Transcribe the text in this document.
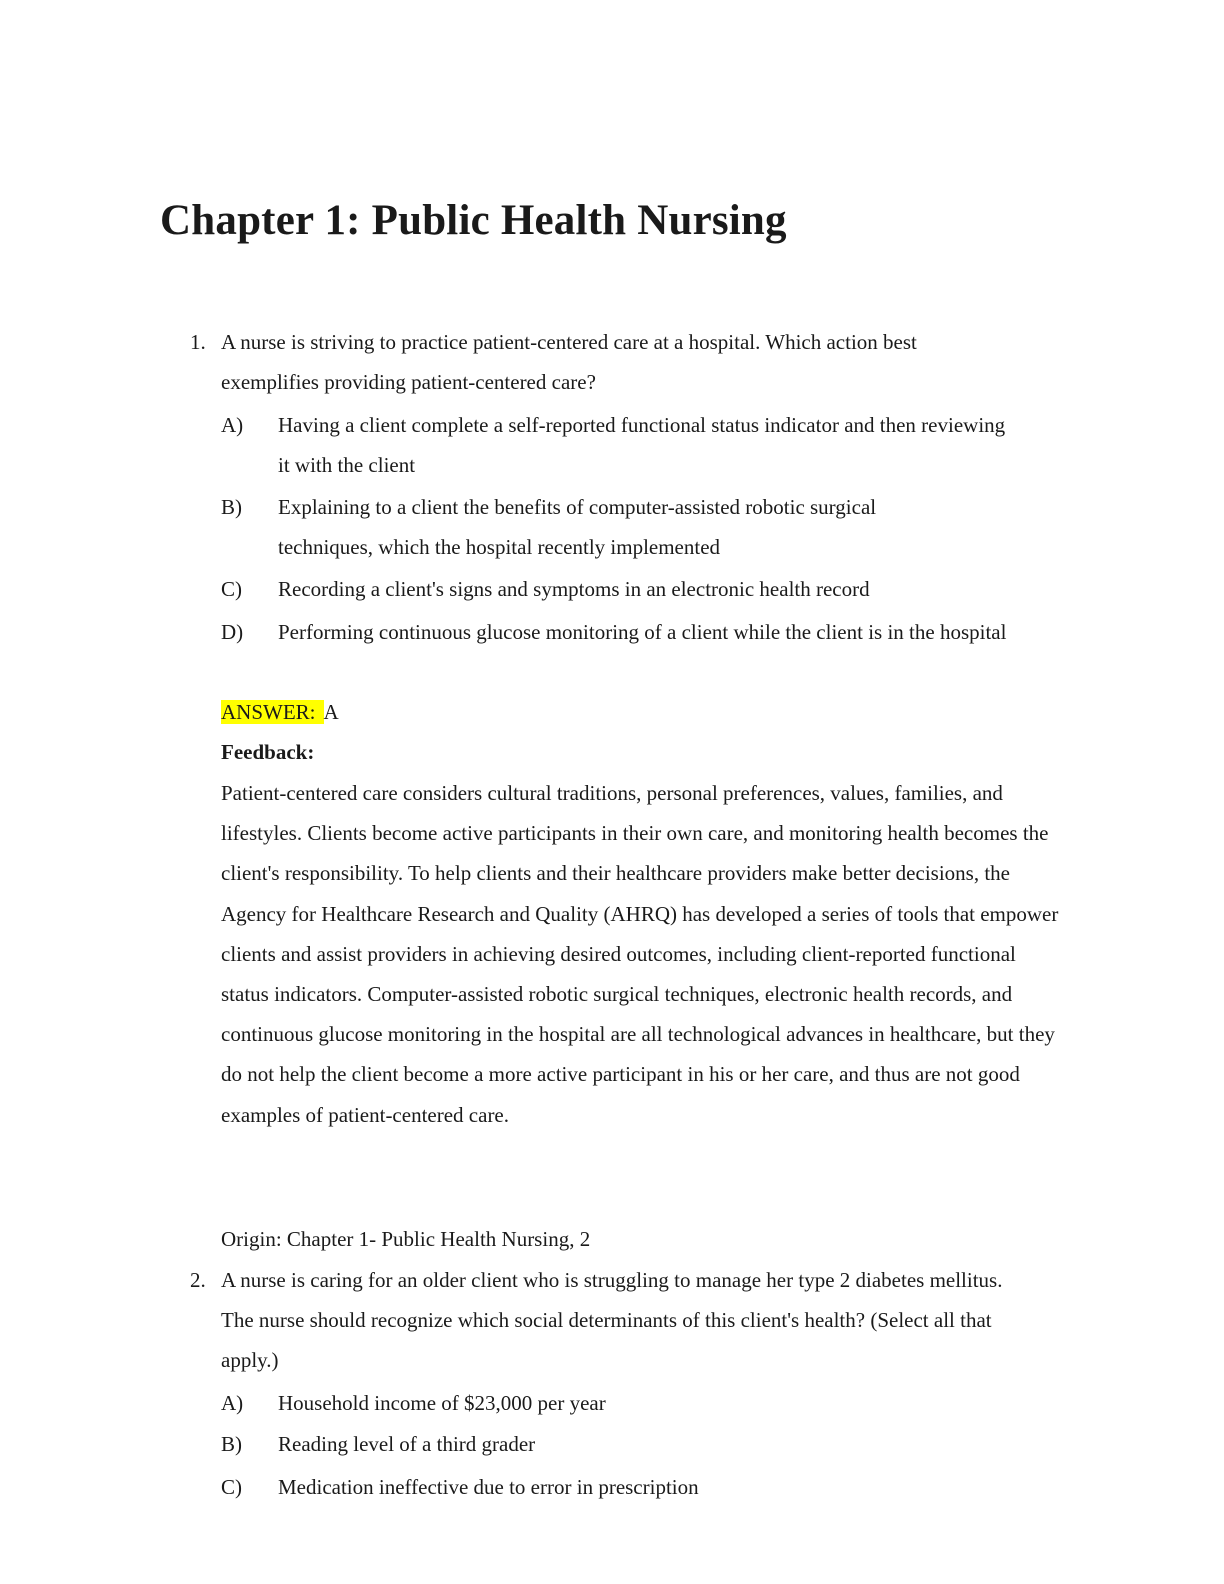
Chapter 1: Public Health Nursing
1. A nurse is striving to practice patient-centered care at a hospital. Which action best exemplifies providing patient-centered care?
A)	Having a client complete a self-reported functional status indicator and then reviewing it with the client
B)	Explaining to a client the benefits of computer-assisted robotic surgical techniques, which the hospital recently implemented
C)	Recording a client's signs and symptoms in an electronic health record
D)	Performing continuous glucose monitoring of a client while the client is in the hospital
ANSWER: A
Feedback:
Patient-centered care considers cultural traditions, personal preferences, values, families, and lifestyles. Clients become active participants in their own care, and monitoring health becomes the client's responsibility. To help clients and their healthcare providers make better decisions, the Agency for Healthcare Research and Quality (AHRQ) has developed a series of tools that empower clients and assist providers in achieving desired outcomes, including client-reported functional status indicators. Computer-assisted robotic surgical techniques, electronic health records, and continuous glucose monitoring in the hospital are all technological advances in healthcare, but they do not help the client become a more active participant in his or her care, and thus are not good examples of patient-centered care.
Origin: Chapter 1- Public Health Nursing, 2
2. A nurse is caring for an older client who is struggling to manage her type 2 diabetes mellitus. The nurse should recognize which social determinants of this client's health? (Select all that apply.)
A)	Household income of $23,000 per year
B)	Reading level of a third grader
C)	Medication ineffective due to error in prescription
